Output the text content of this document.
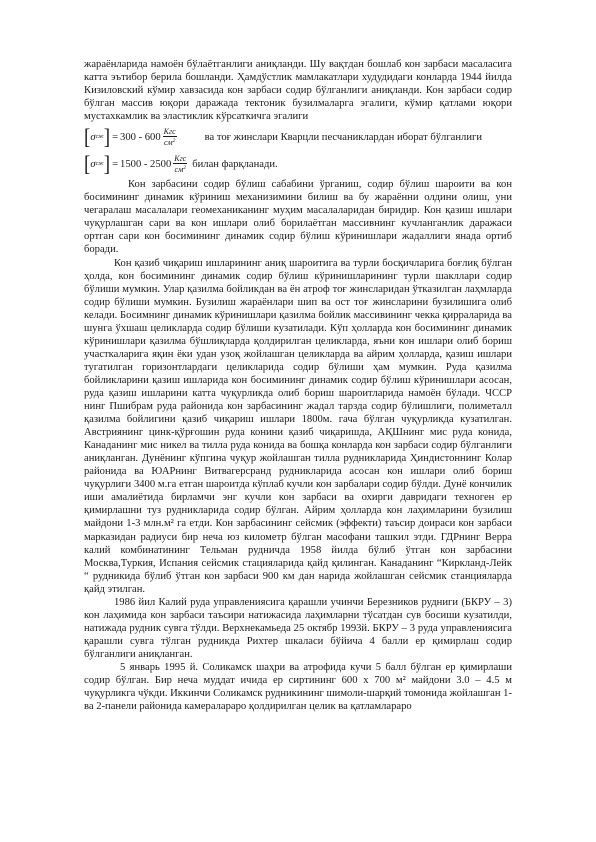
жараёнларида намоён бўлаётганлиги аниқланди. Шу вақтдан бошлаб кон зарбаси масаласига катта эътибор берила бошланди. Ҳамдўстлик мамлакатлари худудидаги конларда 1944 йилда Кизиловский кўмир хавзасида кон зарбаси содир бўлганлиги аниқланди. Кон зарбаси содир бўлган массив юқори даражада тектоник бузилмаларга эгалиги, кўмир қатлами юқори мустахкамлик ва эластиклик кўрсаткичга эгалиги

[ σ сж ] = $300 - 600 \frac{\text{Кгс}}{см^2}$	ва тоғ жинслари Кварцли песчаниклардан иборат бўлганлиги
[ σ сж ] = $1500 - 2500 \frac{\text{Кгс}}{см^2}$ билан фарқланади.

Кон зарбасини содир бўлиш сабабини ўрганиш, содир бўлиш шароити ва кон босимининг динамик кўриниш механизимини билиш ва бу жараённи олдини олиш, уни чегаралаш масалалари геомеханиканинг муҳим масалаларидан биридир. Кон қазиш ишлари чуқурлашган сари ва кон ишлари олиб борилаётган массивнинг кучланганлик даражаси ортган сари кон босимининг динамик содир бўлиш кўринишлари жадаллиги янада ортиб боради.

Кон қазиб чиқариш ишларининг аниқ шароитига ва турли босқичларига боғлиқ бўлган ҳолда, кон босимининг динамик содир бўлиш кўринишларининг турли шакллари содир бўлиши мумкин. Улар қазилма бойликдан ва ён атроф тоғ жинсларидан ўтказилган лаҳмларда содир бўлиши мумкин. Бузилиш жараёнлари шип ва ост тоғ жинсларини бузилишига олиб келади. Босимнинг динамик кўринишлари қазилма бойлик массивининг чекка қирраларида ва шунга ўхшаш целикларда содир бўлиши кузатилади. Кўп ҳолларда кон босимининг динамик кўринишлари қазилма бўшлиқларда қолдирилган целикларда, яъни кон ишлари олиб бориш участкаларига яқин ёки удан узоқ жойлашган целикларда ва айрим ҳолларда, қазиш ишлари тугатилган горизонтлардаги целикларида содир бўлиши ҳам мумкин. Руда қазилма бойликларини қазиш ишларида кон босимининг динамик содир бўлиш кўринишлари асосан, руда қазиш ишларини катта чуқурликда олиб бориш шароитларида намоён бўлади. ЧССР нинг Пшибрам руда районида кон зарбасининг жадал тарзда содир бўлишлиги, полиметалл қазилма бойлигини қазиб чиқариш ишлари 1800м. гача бўлган чуқурликда кузатилган. Австриянинг цинк-қўрғошин руда конини қазиб чиқаришда, АҚШнинг мис руда конида, Канаданинг мис никел ва тилла руда конида ва бошқа конларда кон зарбаси содир бўлганлиги аниқланган. Дунёнинг кўпгина чуқур жойлашган тилла рудникларида Ҳиндистоннинг Колар районида ва ЮАРнинг Витвагерсранд рудникларида асосан кон ишлари олиб бориш чуқурлиги 3400 м.га етган шароитда кўплаб кучли кон зарбалари содир бўлди. Дунё кончилик иши амалиётида бирламчи энг кучли кон зарбаси ва охирги давридаги техноген ер қимирлашни туз рудникларида содир бўлган. Айрим ҳолларда кон лаҳимларини бузилиш майдони 1-3 млн.м² га етди. Кон зарбасининг сейсмик (эффекти) таъсир доираси кон зарбаси марказидан радиуси бир неча юз километр бўлган масофани ташкил этди. ГДРнинг Верра калий комбинатининг Тельман рудничда 1958 йилда бўлиб ўтган кон зарбасини Москва,Туркия, Испания сейсмик стацияларида қайд қилинган. Канаданинг “Киркланд-Лейк “ рудникида бўлиб ўтган кон зарбаси 900 км дан нарида жойлашган сейсмик станцияларда қайд этилган.

1986 йил Калий руда управлениясига қарашли учинчи Березников рудниги (БКРУ – 3) кон лаҳимида кон зарбаси таъсири натижасида лаҳимларни тўсатдан сув босиши кузатилди, натижада рудник сувга тўлди. Верхнекамьеда 25 октябр 1993й. БКРУ – 3 руда управлениясига қарашли сувга тўлган рудникда Рихтер шкаласи бўйича 4 балли ер қимирлаш содир бўлганлиги аниқланган.

5 январь 1995 й. Соликамск шаҳри ва атрофида кучи 5 балл бўлган ер қимирлаши содир бўлган. Бир неча муддат ичида ер сиртининг 600 х 700 м² майдони 3.0 – 4.5 м чуқурликга чўкди. Иккинчи Соликамск рудникининг шимоли-шарқий томонида жойлашган 1- ва 2-панели районида камераларaро қолдирилган целик ва қатламлараро
